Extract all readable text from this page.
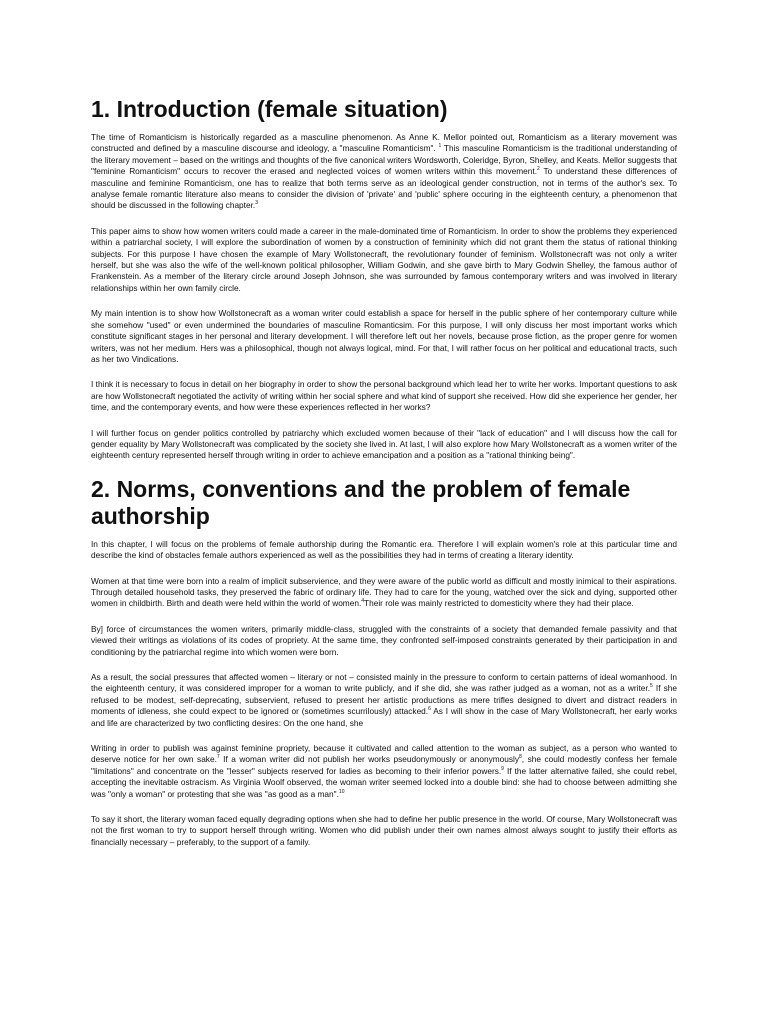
1. Introduction (female situation)

The time of Romanticism is historically regarded as a masculine phenomenon. As Anne K. Mellor pointed out, Romanticism as a literary movement was constructed and defined by a masculine discourse and ideology, a "masculine Romanticism". $^1$ This masculine Romanticism is the traditional understanding of the literary movement – based on the writings and thoughts of the five canonical writers Wordsworth, Coleridge, Byron, Shelley, and Keats. Mellor suggests that "feminine Romanticism" occurs to recover the erased and neglected voices of women writers within this movement.$^2$ To understand these differences of masculine and feminine Romanticism, one has to realize that both terms serve as an ideological gender construction, not in terms of the author's sex. To analyse female romantic literature also means to consider the division of 'private' and 'public' sphere occuring in the eighteenth century, a phenomenon that should be discussed in the following chapter.$^3$

This paper aims to show how women writers could made a career in the male-dominated time of Romanticism. In order to show the problems they experienced within a patriarchal society, I will explore the subordination of women by a construction of femininity which did not grant them the status of rational thinking subjects. For this purpose I have chosen the example of Mary Wollstonecraft, the revolutionary founder of feminism. Wollstonecraft was not only a writer herself, but she was also the wife of the well-known political philosopher, William Godwin, and she gave birth to Mary Godwin Shelley, the famous author of Frankenstein. As a member of the literary circle around Joseph Johnson, she was surrounded by famous contemporary writers and was involved in literary relationships within her own family circle.

My main intention is to show how Wollstonecraft as a woman writer could establish a space for herself in the public sphere of her contemporary culture while she somehow "used" or even undermined the boundaries of masculine Romanticsim. For this purpose, I will only discuss her most important works which constitute significant stages in her personal and literary development. I will therefore left out her novels, because prose fiction, as the proper genre for women writers, was not her medium. Hers was a philosophical, though not always logical, mind. For that, I will rather focus on her political and educational tracts, such as her two Vindications.

I think it is necessary to focus in detail on her biography in order to show the personal background which lead her to write her works. Important questions to ask are how Wollstonecraft negotiated the activity of writing within her social sphere and what kind of support she received. How did she experience her gender, her time, and the contemporary events, and how were these experiences reflected in her works?

I will further focus on gender politics controlled by patriarchy which excluded women because of their "lack of education" and I will discuss how the call for gender equality by Mary Wollstonecraft was complicated by the society she lived in. At last, I will also explore how Mary Wollstonecraft as a women writer of the eighteenth century represented herself through writing in order to achieve emancipation and a position as a "rational thinking being".

2. Norms, conventions and the problem of female authorship

In this chapter, I will focus on the problems of female authorship during the Romantic era. Therefore I will explain women's role at this particular time and describe the kind of obstacles female authors experienced as well as the possibilities they had in terms of creating a literary identity.

Women at that time were born into a realm of implicit subservience, and they were aware of the public world as difficult and mostly inimical to their aspirations. Through detailed household tasks, they preserved the fabric of ordinary life. They had to care for the young, watched over the sick and dying, supported other women in childbirth. Birth and death were held within the world of women.$^4$Their role was mainly restricted to domesticity where they had their place.

By] force of circumstances the women writers, primarily middle-class, struggled with the constraints of a society that demanded female passivity and that viewed their writings as violations of its codes of propriety. At the same time, they confronted self-imposed constraints generated by their participation in and conditioning by the patriarchal regime into which women were born.

As a result, the social pressures that affected women – literary or not – consisted mainly in the pressure to conform to certain patterns of ideal womanhood. In the eighteenth century, it was considered improper for a woman to write publicly, and if she did, she was rather judged as a woman, not as a writer.$^5$ If she refused to be modest, self-deprecating, subservient, refused to present her artistic productions as mere trifles designed to divert and distract readers in moments of idleness, she could expect to be ignored or (sometimes scurrilously) attacked.$^6$ As I will show in the case of Mary Wollstonecraft, her early works and life are characterized by two conflicting desires: On the one hand, she

Writing in order to publish was against feminine propriety, because it cultivated and called attention to the woman as subject, as a person who wanted to deserve notice for her own sake.$^7$ If a woman writer did not publish her works pseudonymously or anonymously$^8$, she could modestly confess her female "limitations" and concentrate on the "lesser" subjects reserved for ladies as becoming to their inferior powers.$^9$ If the latter alternative failed, she could rebel, accepting the inevitable ostracism. As Virginia Woolf observed, the woman writer seemed locked into a double bind: she had to choose between admitting she was "only a woman" or protesting that she was "as good as a man".$^{10}$

To say it short, the literary woman faced equally degrading options when she had to define her public presence in the world. Of course, Mary Wollstonecraft was not the first woman to try to support herself through writing. Women who did publish under their own names almost always sought to justify their efforts as financially necessary – preferably, to the support of a family.
